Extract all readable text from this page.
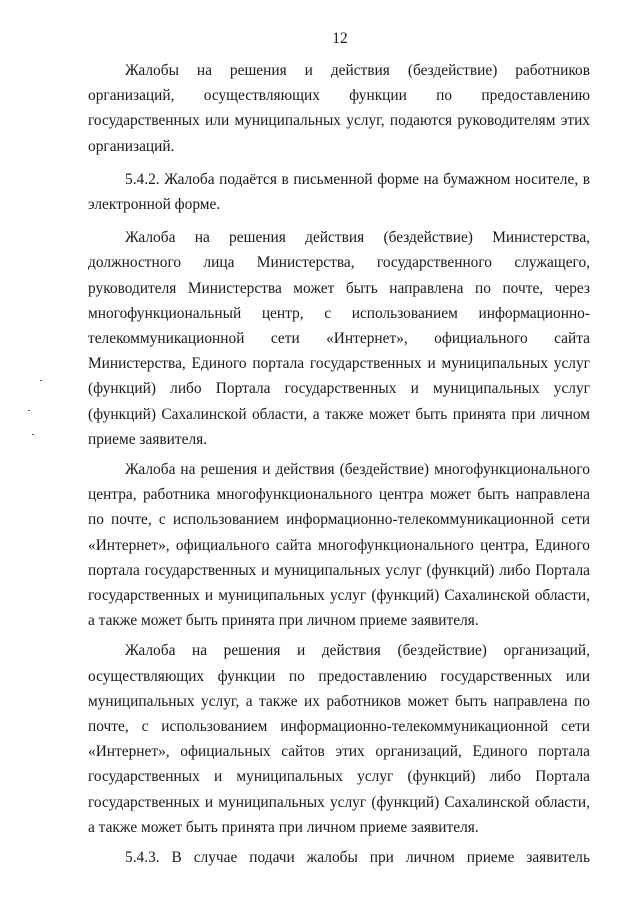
12

Жалобы на решения и действия (бездействие) работников организаций, осуществляющих функции по предоставлению государственных или муниципальных услуг, подаются руководителям этих организаций.

5.4.2. Жалоба подаётся в письменной форме на бумажном носителе, в электронной форме.

Жалоба на решения действия (бездействие) Министерства, должностного лица Министерства, государственного служащего, руководителя Министерства может быть направлена по почте, через многофункциональный центр, с использованием информационно-телекоммуникационной сети «Интернет», официального сайта Министерства, Единого портала государственных и муниципальных услуг (функций) либо Портала государственных и муниципальных услуг (функций) Сахалинской области, а также может быть принята при личном приеме заявителя.

Жалоба на решения и действия (бездействие) многофункционального центра, работника многофункционального центра может быть направлена по почте, с использованием информационно-телекоммуникационной сети «Интернет», официального сайта многофункционального центра, Единого портала государственных и муниципальных услуг (функций) либо Портала государственных и муниципальных услуг (функций) Сахалинской области, а также может быть принята при личном приеме заявителя.

Жалоба на решения и действия (бездействие) организаций, осуществляющих функции по предоставлению государственных или муниципальных услуг, а также их работников может быть направлена по почте, с использованием информационно-телекоммуникационной сети «Интернет», официальных сайтов этих организаций, Единого портала государственных и муниципальных услуг (функций) либо Портала государственных и муниципальных услуг (функций) Сахалинской области, а также может быть принята при личном приеме заявителя.

5.4.3. В случае подачи жалобы при личном приеме заявитель
